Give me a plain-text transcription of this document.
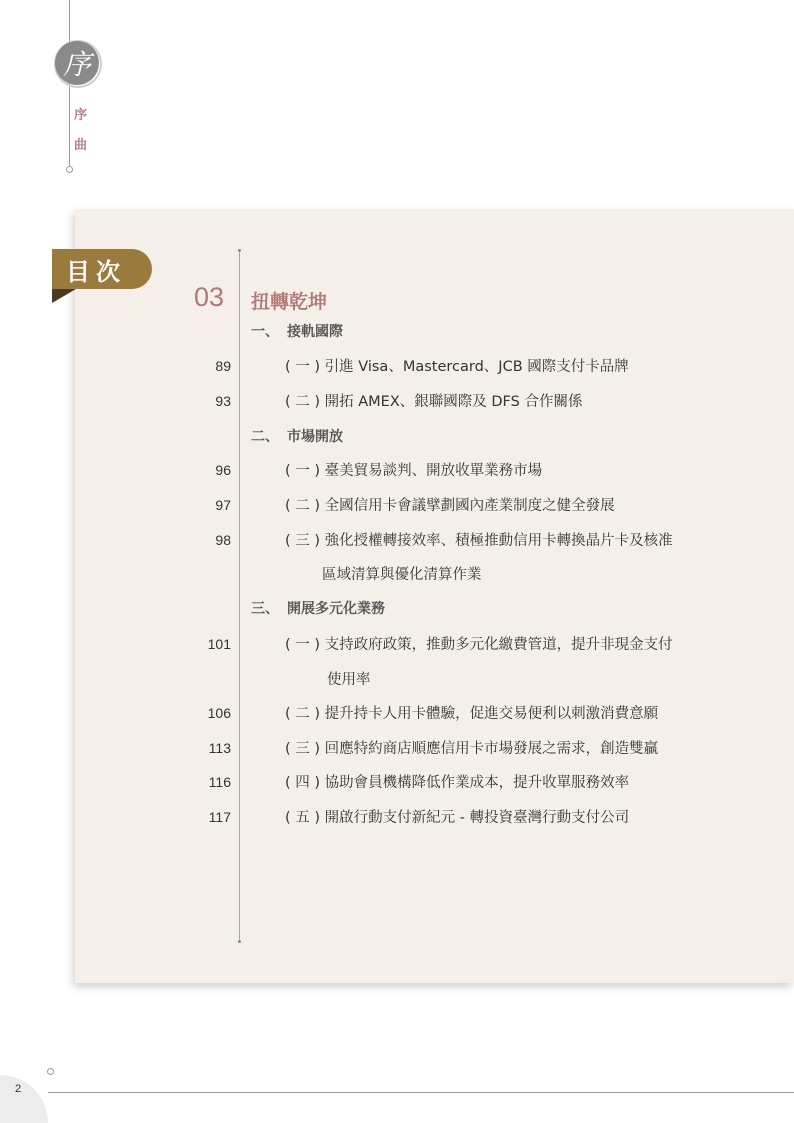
序
序
曲
目次
03 扭轉乾坤
一、 接軌國際
89	( 一 ) 引進 Visa、Mastercard、JCB 國際支付卡品牌
93	( 二 ) 開拓 AMEX、銀聯國際及 DFS 合作關係
二、 市場開放
96	( 一 ) 臺美貿易談判、開放收單業務市場
97	( 二 ) 全國信用卡會議擘劃國內產業制度之健全發展
98	( 三 ) 強化授權轉接效率、積極推動信用卡轉換晶片卡及核准
區域清算與優化清算作業
三、 開展多元化業務
101	( 一 ) 支持政府政策，推動多元化繳費管道，提升非現金支付
使用率
106	( 二 ) 提升持卡人用卡體驗，促進交易便利以刺激消費意願
113	( 三 ) 回應特約商店順應信用卡市場發展之需求，創造雙贏
116	( 四 ) 協助會員機構降低作業成本，提升收單服務效率
117	( 五 ) 開啟行動支付新紀元 - 轉投資臺灣行動支付公司
2
